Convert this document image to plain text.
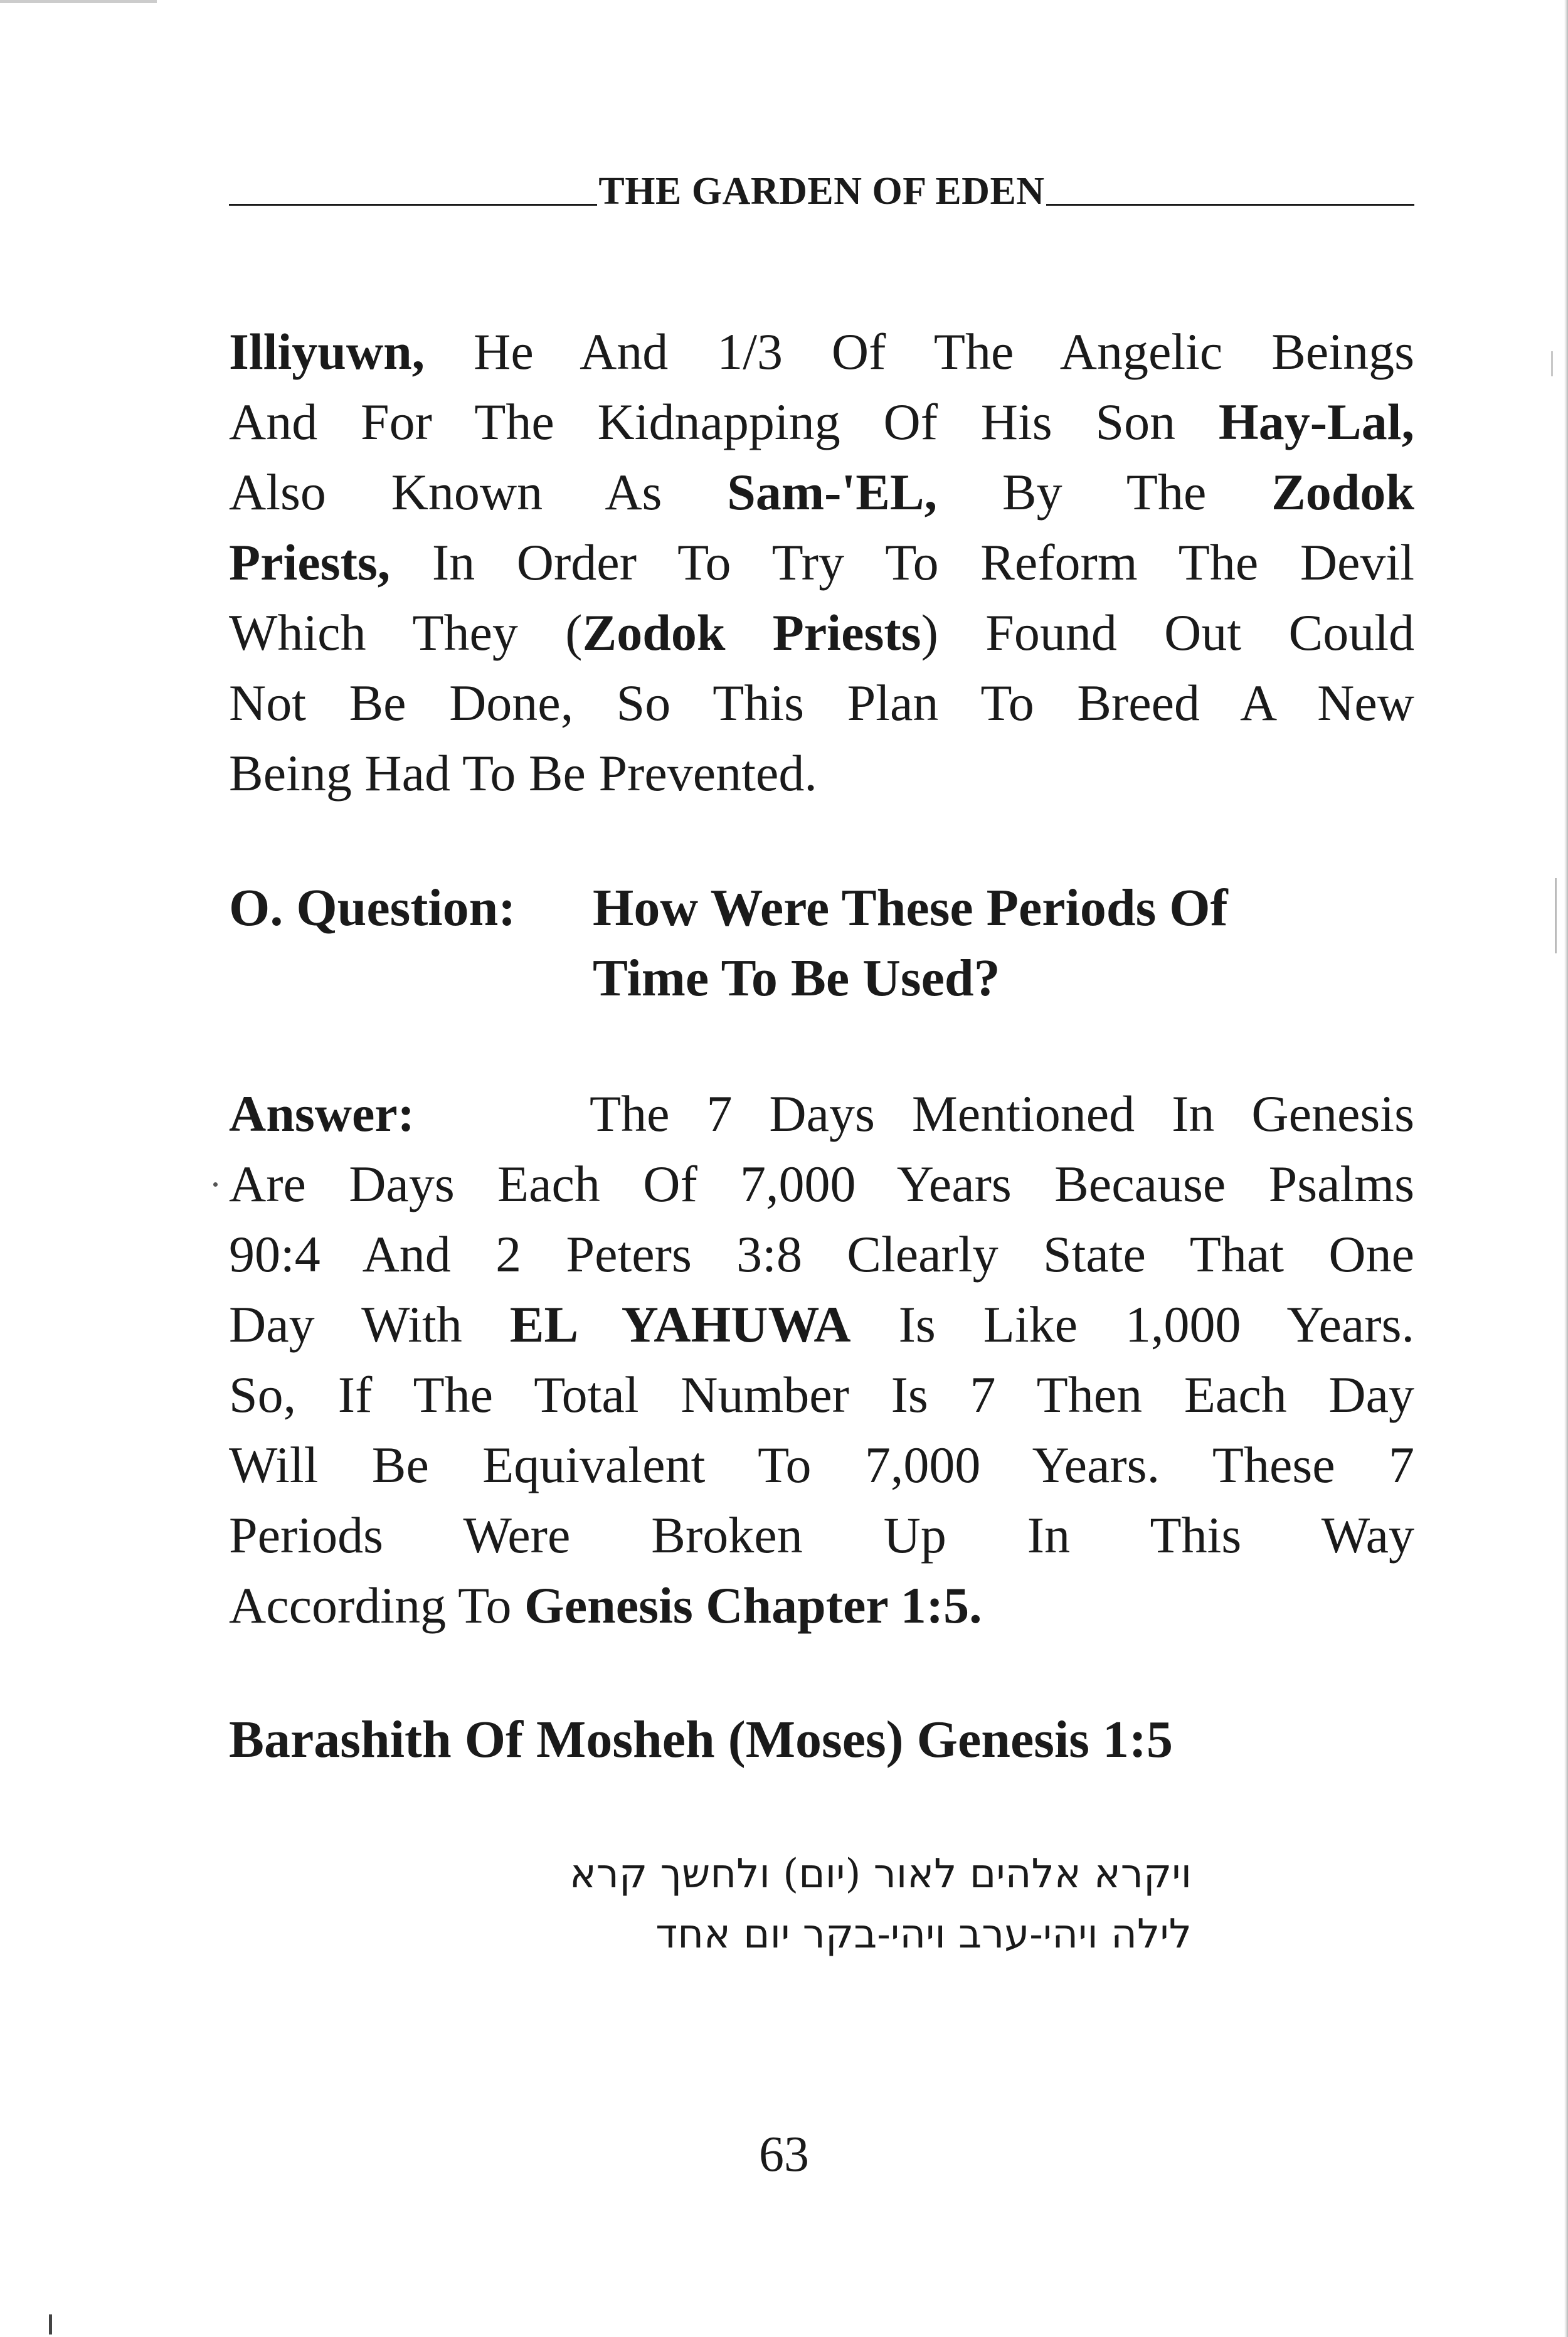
THE GARDEN OF EDEN
Illiyuwn, He And 1/3 Of The Angelic Beings
And For The Kidnapping Of His Son Hay-Lal,
Also Known As Sam-'EL, By The Zodok
Priests, In Order To Try To Reform The Devil
Which They (Zodok Priests) Found Out Could
Not Be Done, So This Plan To Breed A New
Being Had To Be Prevented.
O. Question: How Were These Periods Of
Time To Be Used?
Answer:	The 7 Days Mentioned In Genesis
Are Days Each Of 7,000 Years Because Psalms
90:4 And 2 Peters 3:8 Clearly State That One
Day With EL YAHUWA Is Like 1,000 Years.
So, If The Total Number Is 7 Then Each Day
Will Be Equivalent To 7,000 Years. These 7
Periods Were Broken Up In This Way
According To Genesis Chapter 1:5.
Barashith Of Mosheh (Moses) Genesis 1:5
ויקרא אלהים לאור (יום) ולחשך קרא
לילה ויהי-ערב ויהי-בקר יום אחד
63
